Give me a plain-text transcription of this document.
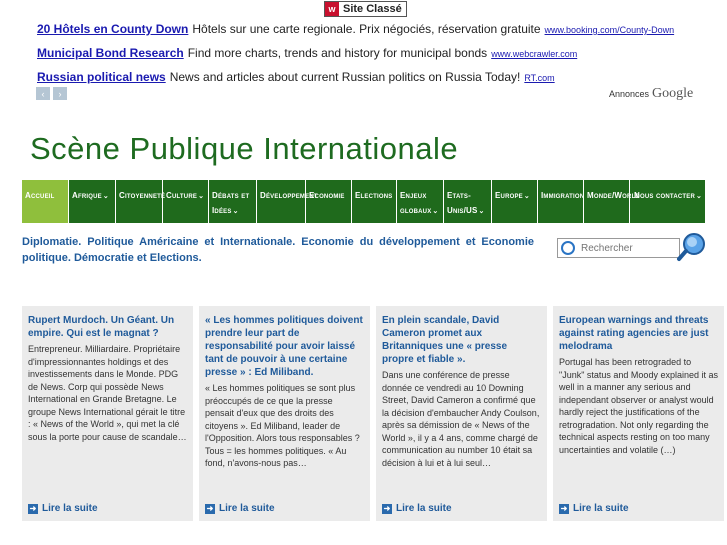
w Site Classé
20 Hôtels en County Down Hôtels sur une carte regionale. Prix négociés, réservation gratuite www.booking.com/County-Down
Municipal Bond Research Find more charts, trends and history for municipal bonds www.webcrawler.com
Russian political news News and articles about current Russian politics on Russia Today! RT.com
‹	›	Annonces Google
Scène Publique Internationale
Accueil	Afrique⌄	Citoyenneté Culture⌄ Débats et Idées⌄
Développement
Economie	Elections Enjeux globaux⌄
Etats-Unis/US⌄
Europe⌄	Immigration Monde/World
Nous contacter⌄
Diplomatie. Politique Américaine et Internationale. Economie du développement et Economie politique. Démocratie et Elections.
Rechercher
Rupert Murdoch. Un Géant. Un empire. Qui est le magnat ?
Entrepreneur. Milliardaire. Propriétaire d'impressionnantes holdings et des investissements dans le Monde. PDG de News. Corp qui possède News International en Grande Bretagne. Le groupe News International gérait le titre : « News of the World », qui met la clé sous la porte pour cause de scandale…
➜ Lire la suite
« Les hommes politiques doivent prendre leur part de responsabilité pour avoir laissé tant de pouvoir à une certaine presse » : Ed Miliband.
« Les hommes politiques se sont plus préoccupés de ce que la presse pensait d'eux que des droits des citoyens ». Ed Miliband, leader de l'Opposition. Alors tous responsables ? Tous = les hommes politiques. « Au fond, n'avons-nous pas…
➜ Lire la suite
En plein scandale, David Cameron promet aux Britanniques une « presse propre et fiable ».
Dans une conférence de presse donnée ce vendredi au 10 Downing Street, David Cameron a confirmé que la décision d'embaucher Andy Coulson, après sa démission de « News of the World », il y a 4 ans, comme chargé de communication au number 10 était sa décision à lui et à lui seul…
➜ Lire la suite
European warnings and threats against rating agencies are just melodrama
Portugal has been retrograded to "Junk" status and Moody explained it as well in a manner any serious and independant observer or analyst would hardly reject the justifications of the retrogradation. Not only regarding the technical aspects resting on too many uncertainties and volatile (…)
➜ Lire la suite
